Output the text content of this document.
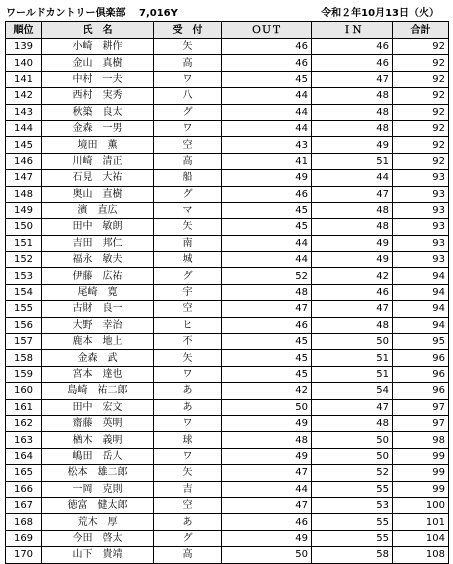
ワールドカントリー倶楽部 7,016Y	令和２年10月13日（火）
順位	氏　名	受　付	ＯＵＴ	ＩＮ	合計
139	小崎　耕作	矢	46	46	92
140	金山　真樹	高	46	46	92
141	中村　一夫	ワ	45	47	92
142	西村　実秀	八	44	48	92
143	秋築　良太	グ	44	48	92
144	金森　一男	ワ	44	48	92
145	境田　薫	空	43	49	92
146	川崎　清正	高	41	51	92
147	石見　大祐	船	49	44	93
148	奥山　直樹	グ	46	47	93
149	濱　直広	マ	45	48	93
150	田中　敏朗	矢	45	48	93
151	吉田　邦仁	南	44	49	93
152	福永　敏夫	城	44	49	93
153	伊藤　広祐	グ	52	42	94
154	尾崎　寛	宇	48	46	94
155	古財　良一	空	47	47	94
156	大野　幸治	ヒ	46	48	94
157	鹿本　地上	不	45	50	95
158	金森　武	矢	45	51	96
159	宮本　達也	ワ	45	51	96
160	島崎　祐二郎	あ	42	54	96
161	田中　宏文	あ	50	47	97
162	齋藤　英明	ワ	49	48	97
163	楢木　義明	球	48	50	98
164	嶋田　岳人	ワ	49	50	99
165	松本　雄二郎	矢	47	52	99
166	一岡　克則	吉	44	55	99
167	徳富　健太郎	空	47	53	100
168	荒木　厚	あ	46	55	101
169	今田　啓太	グ	49	55	104
170	山下　貴靖	高	50	58	108
